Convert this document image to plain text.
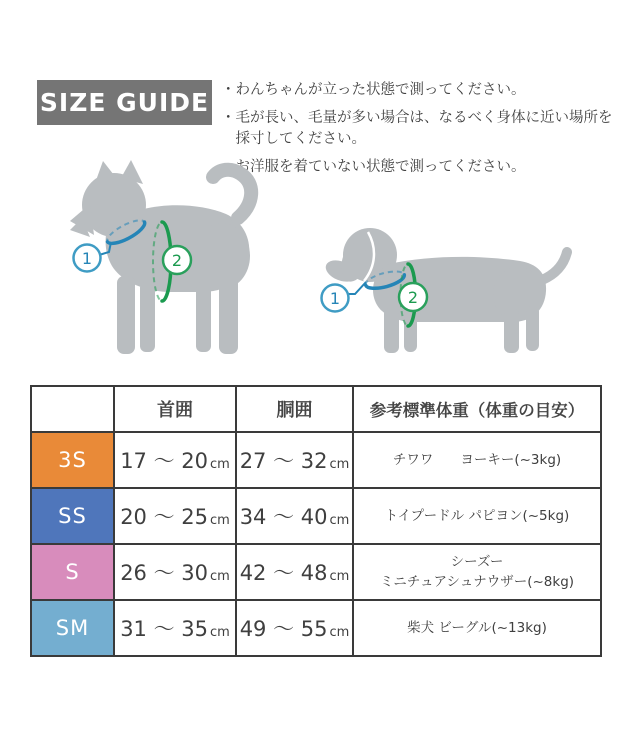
SIZE GUIDE ・わんちゃんが立った状態で測ってください。
・毛が長い、毛量が多い場合は、なるべく身体に近い場所を採寸してください。
・お洋服を着ていない状態で測ってください。
1	2
1	2
	首囲	胴囲	参考標準体重（体重の目安）
3S	17 ～ 20 cm	27 ～ 32 cm	チワワ　　ヨーキー(~3kg)

SS	20 ～ 25 cm	34 ～ 40 cm	トイプードル パピヨン(~5kg)

S	26 ～ 30 cm	42 ～ 48 cm	シーズー
ミニチュアシュナウザー(~8kg)

SM	31 ～ 35 cm	49 ～ 55 cm	柴犬 ビーグル(~13kg)
